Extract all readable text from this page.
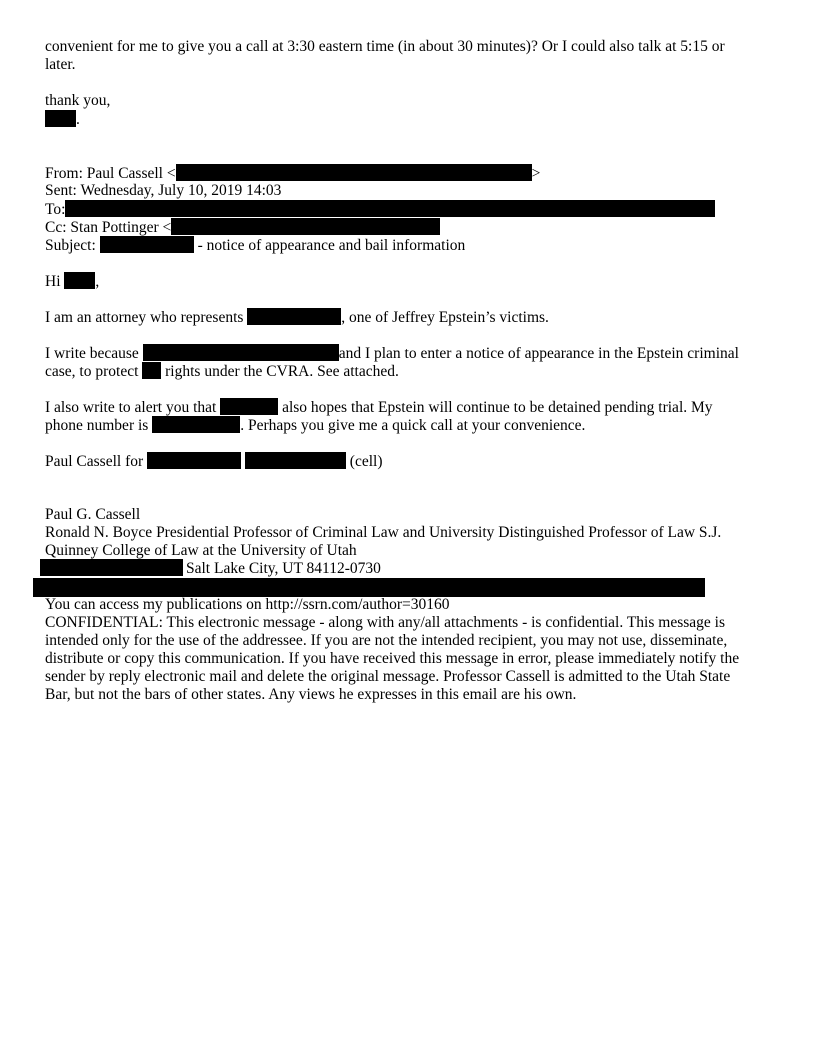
convenient for me to give you a call at 3:30 eastern time (in about 30 minutes)? Or I could also talk at 5:15 or
later.
thank you,
.
From: Paul Cassell <	>
Sent: Wednesday, July 10, 2019 14:03
To:
Cc: Stan Pottinger <
Subject:	- notice of appearance and bail information
Hi ,
I am an attorney who represents	, one of Jeffrey Epstein’s victims.
I write because	and I plan to enter a notice of appearance in the Epstein criminal
case, to protect rights under the CVRA. See attached.
I also write to alert you that	also hopes that Epstein will continue to be detained pending trial. My
phone number is	. Perhaps you give me a quick call at your convenience.
Paul Cassell for	(cell)
Paul G. Cassell
Ronald N. Boyce Presidential Professor of Criminal Law and University Distinguished Professor of Law S.J.
Quinney College of Law at the University of Utah
Salt Lake City, UT 84112-0730
You can access my publications on http://ssrn.com/author=30160
CONFIDENTIAL: This electronic message - along with any/all attachments - is confidential. This message is
intended only for the use of the addressee. If you are not the intended recipient, you may not use, disseminate,
distribute or copy this communication. If you have received this message in error, please immediately notify the
sender by reply electronic mail and delete the original message. Professor Cassell is admitted to the Utah State
Bar, but not the bars of other states. Any views he expresses in this email are his own.
